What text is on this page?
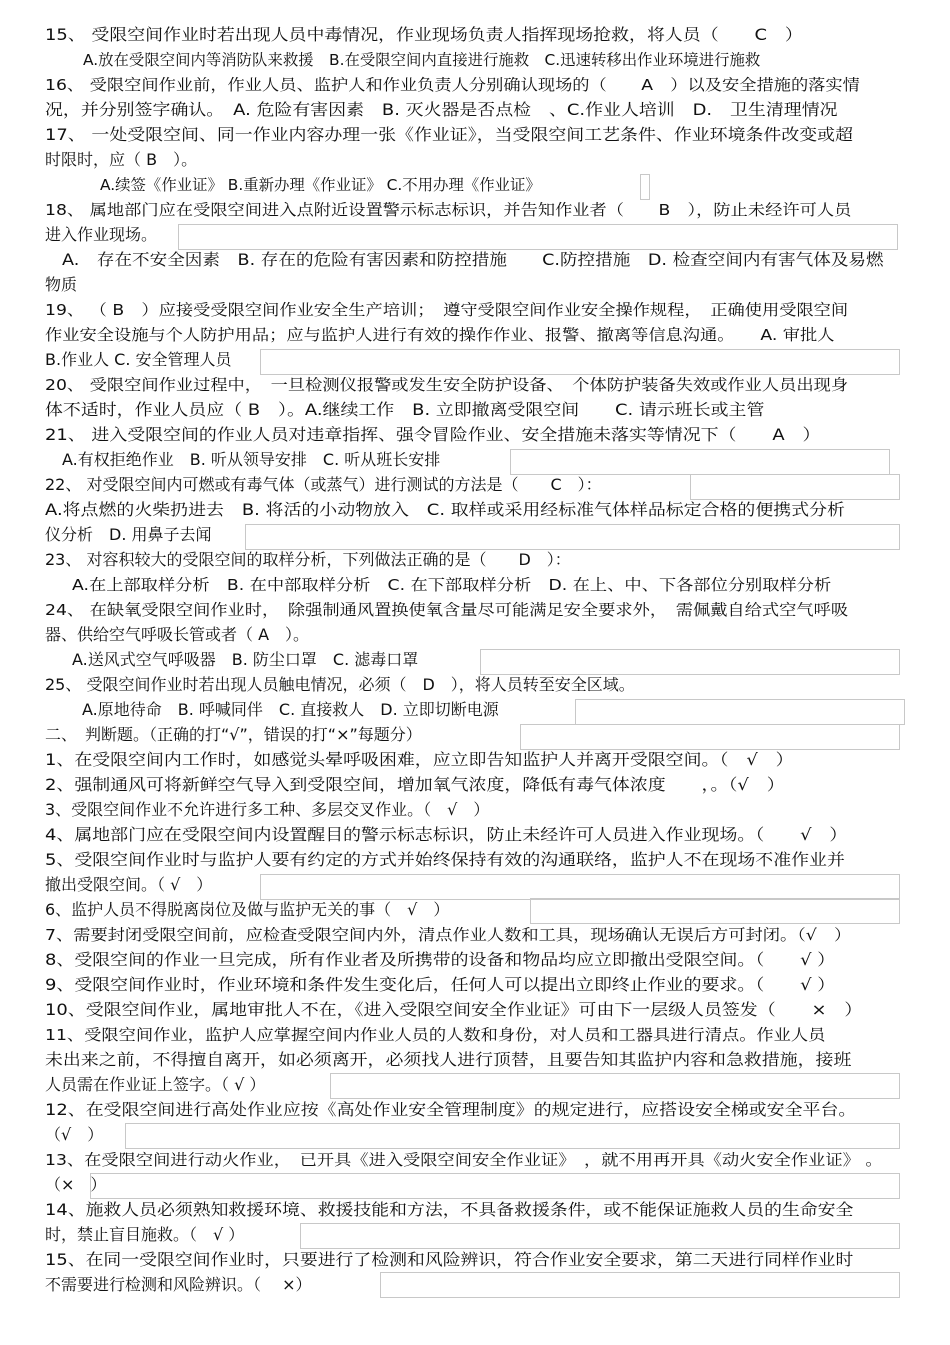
15、 受限空间作业时若出现人员中毒情况，作业现场负责人指挥现场抢救，将人员（　　C　）
A.放在受限空间内等消防队来救援　B.在受限空间内直接进行施救　C.迅速转移出作业环境进行施救
16、 受限空间作业前，作业人员、监护人和作业负责人分别确认现场的（　　A　）以及安全措施的落实情
况，并分别签字确认。　A. 危险有害因素　B. 灭火器是否点检　、C.作业人培训　D.　卫生清理情况
17、 一处受限空间、同一作业内容办理一张《作业证》，当受限空间工艺条件、作业环境条件改变或超
时限时，应（ B　）。
A.续签《作业证》 B.重新办理《作业证》 C.不用办理《作业证》
18、 属地部门应在受限空间进入点附近设置警示标志标识，并告知作业者（　　B　），防止未经许可人员
进入作业现场。
A.　存在不安全因素　B. 存在的危险有害因素和防控措施　　C.防控措施　D. 检查空间内有害气体及易燃
物质
19、 （ B　）应接受受限空间作业安全生产培训；　遵守受限空间作业安全操作规程，　正确使用受限空间
作业安全设施与个人防护用品；应与监护人进行有效的操作作业、报警、撤离等信息沟通。　　A. 审批人
B.作业人 C. 安全管理人员
20、 受限空间作业过程中，　一旦检测仪报警或发生安全防护设备、　个体防护装备失效或作业人员出现身
体不适时，作业人员应（ B　）。A.继续工作　B. 立即撤离受限空间　　C. 请示班长或主管
21、 进入受限空间的作业人员对违章指挥、强令冒险作业、安全措施未落实等情况下（　　A　）
A.有权拒绝作业　B. 听从领导安排　C. 听从班长安排
22、 对受限空间内可燃或有毒气体（或蒸气）进行测试的方法是（　　C　）：
A.将点燃的火柴扔进去　B. 将活的小动物放入　C. 取样或采用经标准气体样品标定合格的便携式分析
仪分析　D. 用鼻子去闻
23、 对容积较大的受限空间的取样分析，下列做法正确的是（　　D　）：
A.在上部取样分析　B. 在中部取样分析　C. 在下部取样分析　D. 在上、中、下各部位分别取样分析
24、 在缺氧受限空间作业时，　除强制通风置换使氧含量尽可能满足安全要求外，　需佩戴自给式空气呼吸
器、供给空气呼吸长管或者（ A　）。
A.送风式空气呼吸器　B. 防尘口罩　C. 滤毒口罩
25、 受限空间作业时若出现人员触电情况，必须（　D　），将人员转至安全区域。
A.原地待命　B. 呼喊同伴　C. 直接救人　D. 立即切断电源
二、　判断题。（正确的打“√”，错误的打“×”每题分）
1、在受限空间内工作时，如感觉头晕呼吸困难，应立即告知监护人并离开受限空间。（　√　）
2、强制通风可将新鲜空气导入到受限空间，增加氧气浓度，降低有毒气体浓度　　，。（√　）
3、受限空间作业不允许进行多工种、多层交叉作业。（　√　）
4、属地部门应在受限空间内设置醒目的警示标志标识，防止未经许可人员进入作业现场。（　　√　）
5、受限空间作业时与监护人要有约定的方式并始终保持有效的沟通联络，监护人不在现场不准作业并
撤出受限空间。（ √　）
6、监护人员不得脱离岗位及做与监护无关的事（　√　）
7、需要封闭受限空间前，应检查受限空间内外，清点作业人数和工具，现场确认无误后方可封闭。（√　）
8、受限空间的作业一旦完成，所有作业者及所携带的设备和物品均应立即撤出受限空间。（　　√ ）
9、受限空间作业时，作业环境和条件发生变化后，任何人可以提出立即终止作业的要求。（　　√ ）
10、受限空间作业，属地审批人不在，《进入受限空间安全作业证》可由下一层级人员签发（　　×　）
11、受限空间作业，监护人应掌握空间内作业人员的人数和身份，对人员和工器具进行清点。作业人员
未出来之前，不得擅自离开，如必须离开，必须找人进行顶替，且要告知其监护内容和急救措施，接班
人员需在作业证上签字。（ √ ）
12、在受限空间进行高处作业应按《高处作业安全管理制度》的规定进行，应搭设安全梯或安全平台。
（√　）
13、在受限空间进行动火作业，　已开具《进入受限空间安全作业证》　，就不用再开具《动火安全作业证》 。
（×　）
14、施救人员必须熟知救援环境、救援技能和方法，不具备救援条件，或不能保证施救人员的生命安全
时，禁止盲目施救。（　√ ）
15、在同一受限空间作业时，只要进行了检测和风险辨识，符合作业安全要求，第二天进行同样作业时
不需要进行检测和风险辨识。（　 ×）
